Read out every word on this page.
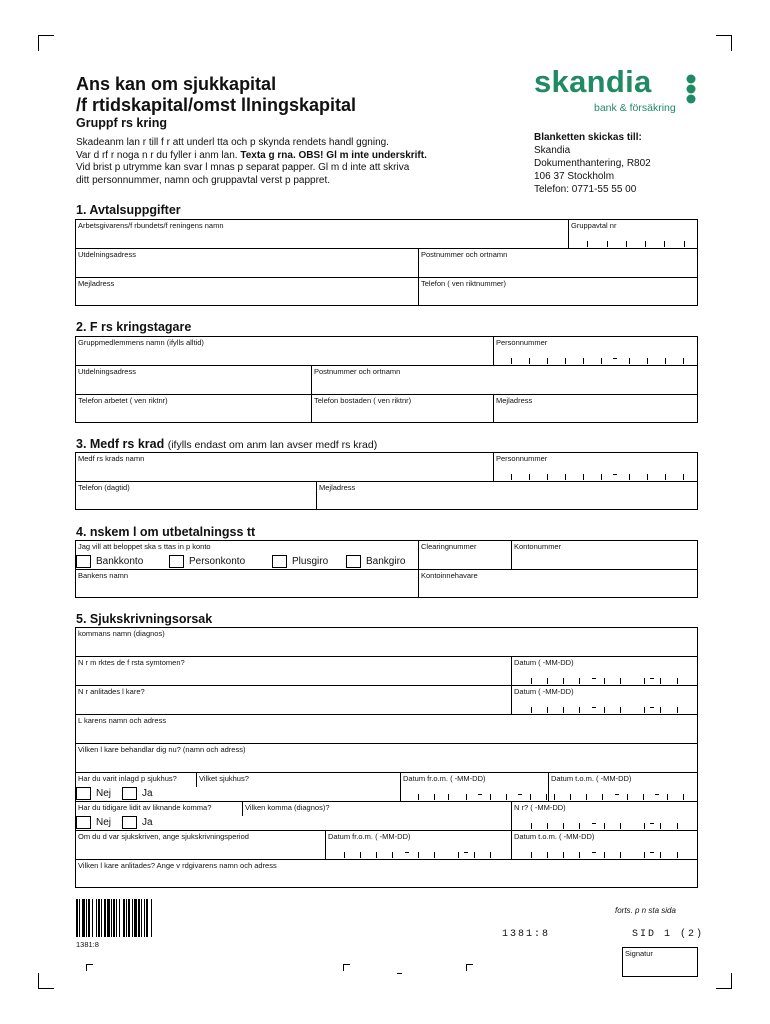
Ans kan om sjukkapital
/f rtidskapital/omst llningskapital
Gruppf rs kring
Skadeanm lan r till f r att underl tta och p skynda rendets handl ggning.
Var d rf r noga n r du fyller i anm lan. Texta g rna. OBS! Gl m inte underskrift.
Vid brist p utrymme kan svar l mnas p separat papper. Gl m d inte att skriva
ditt personnummer, namn och gruppavtal verst p pappret.
skandia
bank & försäkring
Blanketten skickas till:
Skandia
Dokumenthantering, R802
106 37 Stockholm
Telefon: 0771-55 55 00
1. Avtalsuppgifter
Arbetsgivarens/f rbundets/f reningens namn	Gruppavtal nr
Utdelningsadress	Postnummer och ortnamn
Mejladress	Telefon ( ven riktnummer)
2. F rs kringstagare
Gruppmedlemmens namn (ifylls alltid)	Personnummer
Utdelningsadress	Postnummer och ortnamn
Telefon arbetet ( ven riktnr)	Telefon bostaden ( ven riktnr)	Mejladress
3. Medf rs krad (ifylls endast om anm lan avser medf rs krad)
Medf rs krads namn	Personnummer
Telefon (dagtid)	Mejladress
4. nskem l om utbetalningss tt
Jag vill att beloppet ska s ttas in p konto	Clearingnummer	Kontonummer
Bankkonto	Personkonto	Plusgiro	Bankgiro
Bankens namn	Kontoinnehavare
5. Sjukskrivningsorsak
kommans namn (diagnos)
N r m rktes de f rsta symtomen?	Datum ( -MM-DD)
N r anlitades l kare?	Datum ( -MM-DD)
L karens namn och adress
Vilken l kare behandlar dig nu? (namn och adress)
Har du varit inlagd p sjukhus?	Vilket sjukhus?	Datum fr.o.m. ( -MM-DD)	Datum t.o.m. ( -MM-DD)
Nej	Ja
Har du tidigare lidit av liknande komma?	Vilken komma (diagnos)?	N r? ( -MM-DD)
Nej	Ja
Om du d var sjukskriven, ange sjukskrivningsperiod	Datum fr.o.m. ( -MM-DD)	Datum t.o.m. ( -MM-DD)
Vilken l kare anlitades? Ange v rdgivarens namn och adress
forts. p n sta sida
1381:8
1381:8	SID 1 (2)
Signatur
